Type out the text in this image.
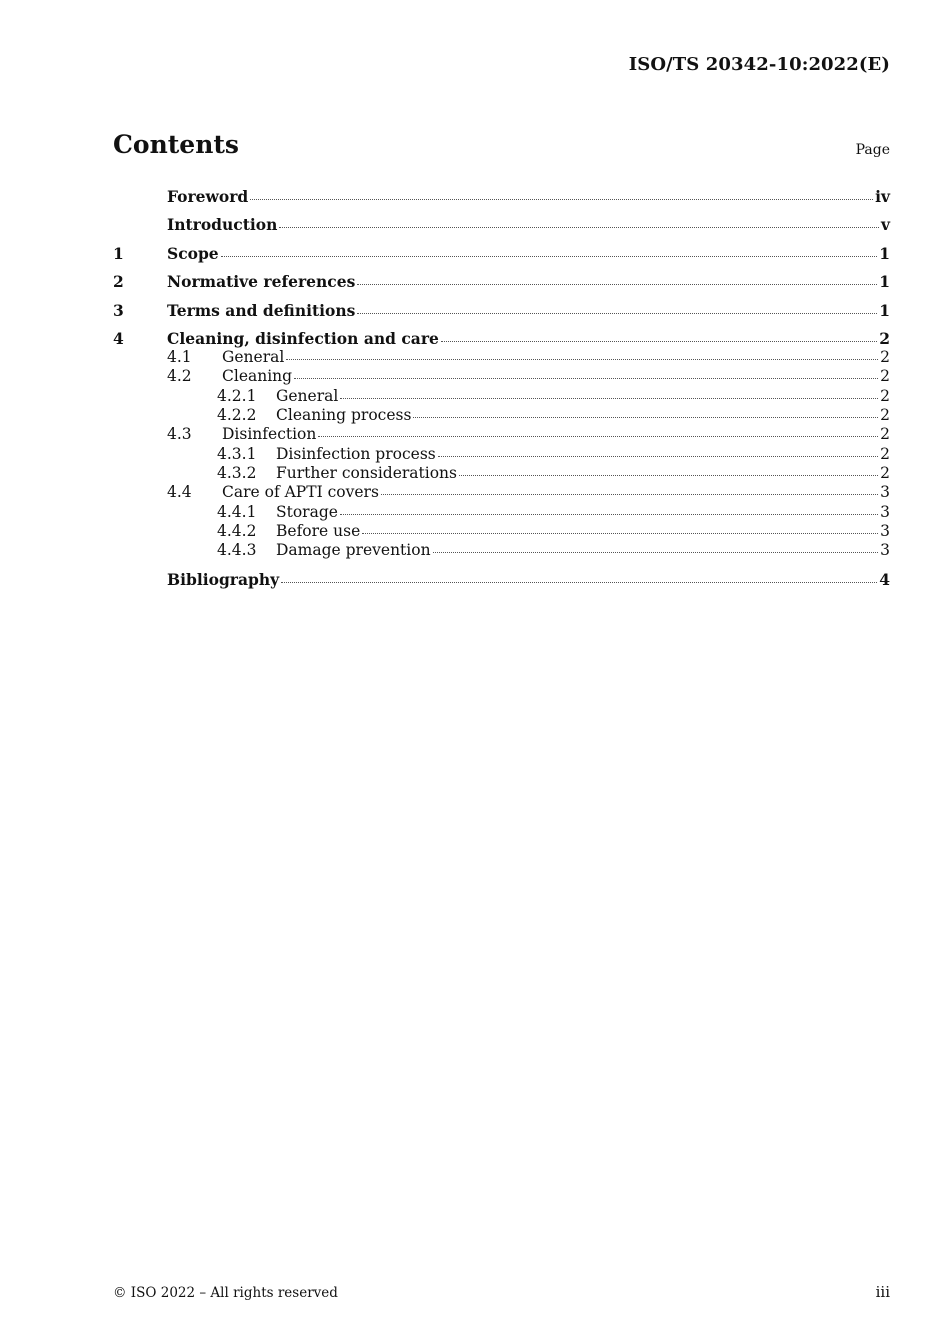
ISO/TS 20342-10:2022(E)
Contents	Page
Foreword	iv
Introduction	v
1	Scope	1
2	Normative references	1
3	Terms and definitions	1
4	Cleaning, disinfection and care	2
4.1	General	2
4.2	Cleaning	2
4.2.1	General	2
4.2.2	Cleaning process	2
4.3	Disinfection	2
4.3.1	Disinfection process	2
4.3.2	Further considerations	2
4.4	Care of APTI covers	3
4.4.1	Storage	3
4.4.2	Before use	3
4.4.3	Damage prevention	3
Bibliography	4
© ISO 2022 – All rights reserved	iii
